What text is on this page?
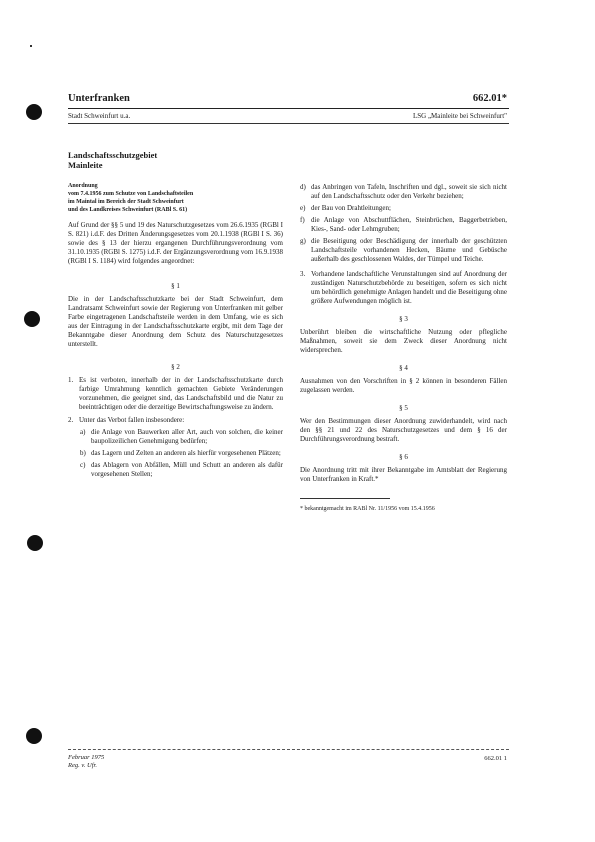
Unterfranken	662.01*
Stadt Schweinfurt u.a.	LSG „Mainleite bei Schweinfurt"
Landschaftsschutzgebiet
Mainleite
Anordnung
vom 7.4.1956 zum Schutze von Landschaftsteilen
im Maintal im Bereich der Stadt Schweinfurt
und des Landkreises Schweinfurt (RABl S. 61)
Auf Grund der §§ 5 und 19 des Naturschutzgesetzes vom 26.6.1935 (RGBl I S. 821) i.d.F. des Dritten Änderungsgesetzes vom 20.1.1938 (RGBl I S. 36) sowie des § 13 der hierzu ergangenen Durchführungsverordnung vom 31.10.1935 (RGBl S. 1275) i.d.F. der Ergänzungsverordnung vom 16.9.1938 (RGBl I S. 1184) wird folgendes angeordnet:
§ 1
Die in der Landschaftsschutzkarte bei der Stadt Schweinfurt, dem Landratsamt Schweinfurt sowie der Regierung von Unterfranken mit gelber Farbe eingetragenen Landschaftsteile werden in dem Umfang, wie es sich aus der Eintragung in der Landschaftsschutzkarte ergibt, mit dem Tage der Bekanntgabe dieser Anordnung dem Schutz des Naturschutzgesetzes unterstellt.
§ 2
1. Es ist verboten, innerhalb der in der Landschaftsschutzkarte durch farbige Umrahmung kenntlich gemachten Gebiete Veränderungen vorzunehmen, die geeignet sind, das Landschaftsbild und die Natur zu beeinträchtigen oder die derzeitige Bewirtschaftungsweise zu ändern.
2. Unter das Verbot fallen insbesondere:
a) die Anlage von Bauwerken aller Art, auch von solchen, die keiner baupolizeilichen Genehmigung bedürfen;
b) das Lagern und Zelten an anderen als hierfür vorgesehenen Plätzen;
c) das Ablagern von Abfällen, Müll und Schutt an anderen als dafür vorgesehenen Stellen;
d) das Anbringen von Tafeln, Inschriften und dgl., soweit sie sich nicht auf den Landschaftsschutz oder den Verkehr beziehen;
e) der Bau von Drahtleitungen;
f) die Anlage von Abschuttflächen, Steinbrüchen, Baggerbetrieben, Kies-, Sand- oder Lehmgruben;
g) die Beseitigung oder Beschädigung der innerhalb der geschützten Landschaftsteile vorhandenen Hecken, Bäume und Gebüsche außerhalb des geschlossenen Waldes, der Tümpel und Teiche.
3. Vorhandene landschaftliche Verunstaltungen sind auf Anordnung der zuständigen Naturschutzbehörde zu beseitigen, sofern es sich nicht um behördlich genehmigte Anlagen handelt und die Beseitigung ohne größere Aufwendungen möglich ist.
§ 3
Unberührt bleiben die wirtschaftliche Nutzung oder pflegliche Maßnahmen, soweit sie dem Zweck dieser Anordnung nicht widersprechen.
§ 4
Ausnahmen von den Vorschriften in § 2 können in besonderen Fällen zugelassen werden.
§ 5
Wer den Bestimmungen dieser Anordnung zuwiderhandelt, wird nach den §§ 21 und 22 des Naturschutzgesetzes und dem § 16 der Durchführungsverordnung bestraft.
§ 6
Die Anordnung tritt mit ihrer Bekanntgabe im Amtsblatt der Regierung von Unterfranken in Kraft.*
* bekanntgemacht im RABl Nr. 11/1956 vom 15.4.1956
Februar 1975
Reg. v. Ufr.
662.01 1
